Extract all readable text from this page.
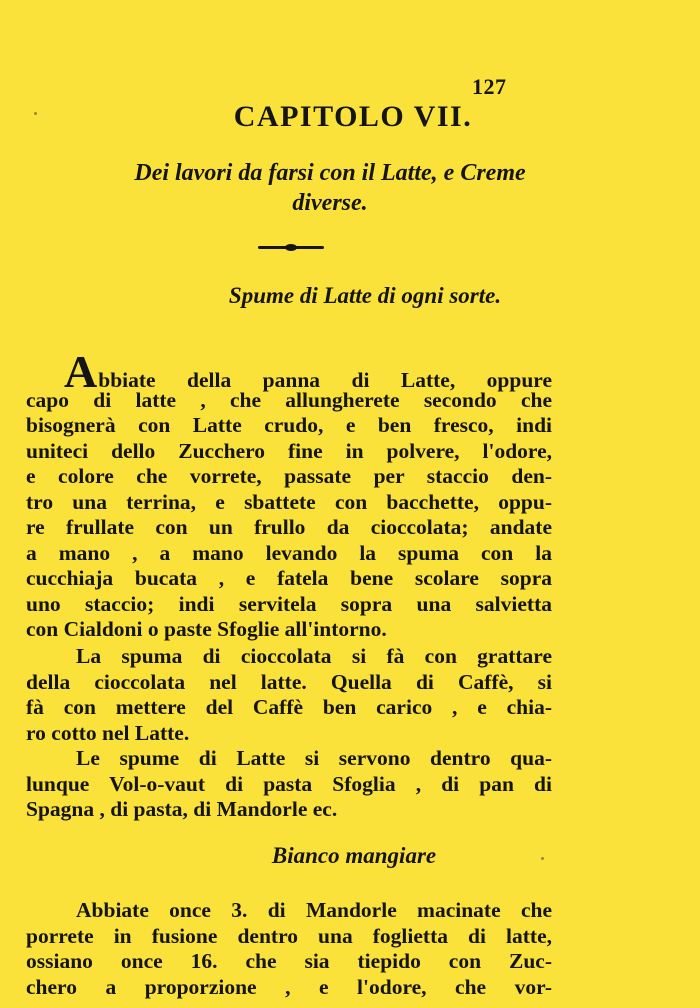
127
CAPITOLO VII.
Dei lavori da farsi con il Latte, e Creme
diverse.
Spume di Latte di ogni sorte.
Abbiate della panna di Latte, oppure
capo di latte , che allungherete secondo che
bisognerà con Latte crudo, e ben fresco, indi
uniteci dello Zucchero fine in polvere, l'odore,
e colore che vorrete, passate per staccio den-
tro una terrina, e sbattete con bacchette, oppu-
re frullate con un frullo da cioccolata; andate
a mano , a mano levando la spuma con la
cucchiaja bucata , e fatela bene scolare sopra
uno staccio; indi servitela sopra una salvietta
con Cialdoni o paste Sfoglie all'intorno.
La spuma di cioccolata si fà con grattare
della cioccolata nel latte. Quella di Caffè, si
fà con mettere del Caffè ben carico , e chia-
ro cotto nel Latte.
Le spume di Latte si servono dentro qua-
lunque Vol-o-vaut di pasta Sfoglia , di pan di
Spagna , di pasta, di Mandorle ec.
Bianco mangiare
Abbiate once 3. di Mandorle macinate che
porrete in fusione dentro una foglietta di latte,
ossiano once 16. che sia tiepido con Zuc-
chero a proporzione , e l'odore, che vor-
